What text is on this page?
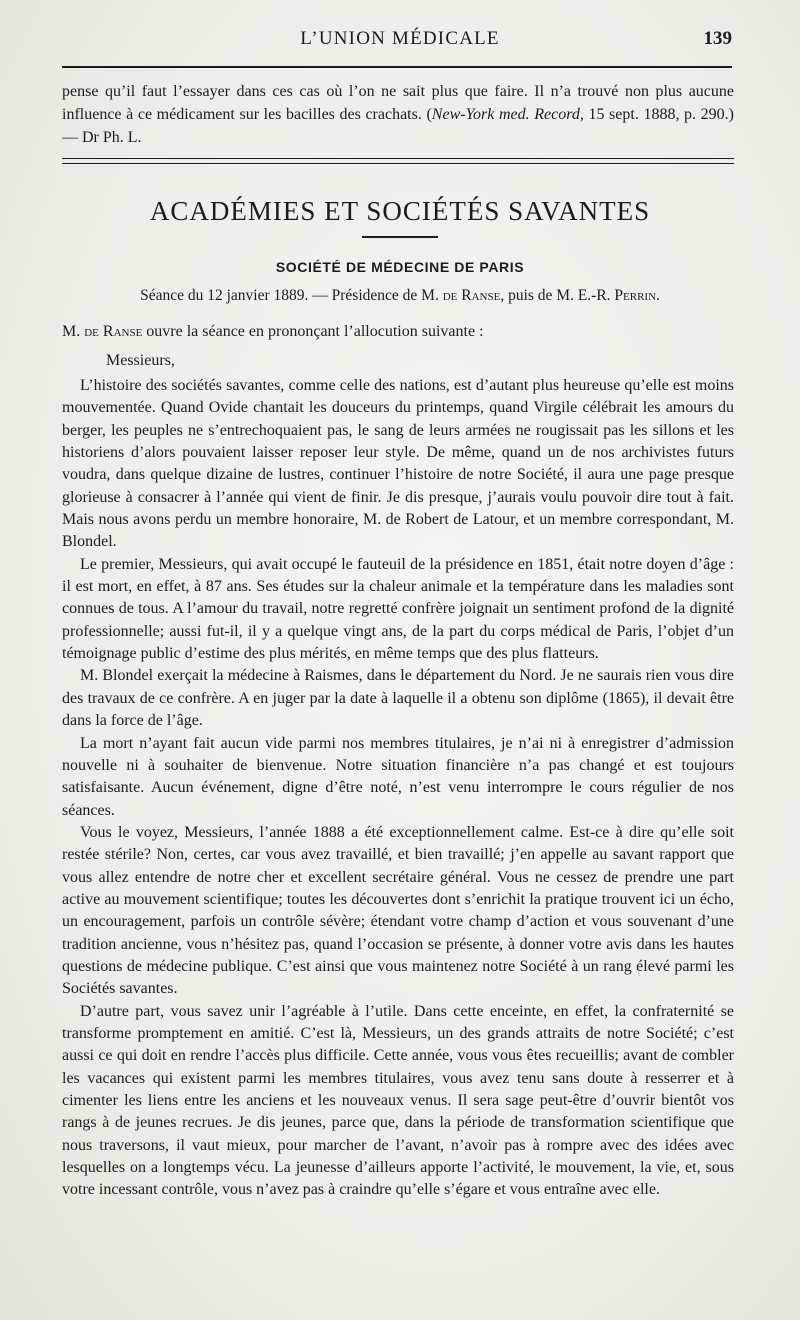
L’UNION MÉDICALE	139
pense qu’il faut l’essayer dans ces cas où l’on ne sait plus que faire. Il n’a trouvé non plus aucune influence à ce médicament sur les bacilles des crachats. (New-York med. Record, 15 sept. 1888, p. 290.) — Dr Ph. L.
ACADÉMIES ET SOCIÉTÉS SAVANTES
SOCIÉTÉ DE MÉDECINE DE PARIS
Séance du 12 janvier 1889. — Présidence de M. de Ranse, puis de M. E.-R. Perrin.
M. de Ranse ouvre la séance en prononçant l’allocution suivante :
Messieurs,

L’histoire des sociétés savantes, comme celle des nations, est d’autant plus heureuse qu’elle est moins mouvementée. Quand Ovide chantait les douceurs du printemps, quand Virgile célébrait les amours du berger, les peuples ne s’entrechoquaient pas, le sang de leurs armées ne rougissait pas les sillons et les historiens d’alors pouvaient laisser reposer leur style. De même, quand un de nos archivistes futurs voudra, dans quelque dizaine de lustres, continuer l’histoire de notre Société, il aura une page presque glorieuse à consacrer à l’année qui vient de finir. Je dis presque, j’aurais voulu pouvoir dire tout à fait. Mais nous avons perdu un membre honoraire, M. de Robert de Latour, et un membre correspondant, M. Blondel.

Le premier, Messieurs, qui avait occupé le fauteuil de la présidence en 1851, était notre doyen d’âge : il est mort, en effet, à 87 ans. Ses études sur la chaleur animale et la température dans les maladies sont connues de tous. A l’amour du travail, notre regretté confrère joignait un sentiment profond de la dignité professionnelle; aussi fut-il, il y a quelque vingt ans, de la part du corps médical de Paris, l’objet d’un témoignage public d’estime des plus mérités, en même temps que des plus flatteurs.

M. Blondel exerçait la médecine à Raismes, dans le département du Nord. Je ne saurais rien vous dire des travaux de ce confrère. A en juger par la date à laquelle il a obtenu son diplôme (1865), il devait être dans la force de l’âge.

La mort n’ayant fait aucun vide parmi nos membres titulaires, je n’ai ni à enregistrer d’admission nouvelle ni à souhaiter de bienvenue. Notre situation financière n’a pas changé et est toujours satisfaisante. Aucun événement, digne d’être noté, n’est venu interrompre le cours régulier de nos séances.

Vous le voyez, Messieurs, l’année 1888 a été exceptionnellement calme. Est-ce à dire qu’elle soit restée stérile? Non, certes, car vous avez travaillé, et bien travaillé; j’en appelle au savant rapport que vous allez entendre de notre cher et excellent secrétaire général. Vous ne cessez de prendre une part active au mouvement scientifique; toutes les découvertes dont s’enrichit la pratique trouvent ici un écho, un encouragement, parfois un contrôle sévère; étendant votre champ d’action et vous souvenant d’une tradition ancienne, vous n’hésitez pas, quand l’occasion se présente, à donner votre avis dans les hautes questions de médecine publique. C’est ainsi que vous maintenez notre Société à un rang élevé parmi les Sociétés savantes.

D’autre part, vous savez unir l’agréable à l’utile. Dans cette enceinte, en effet, la confraternité se transforme promptement en amitié. C’est là, Messieurs, un des grands attraits de notre Société; c’est aussi ce qui doit en rendre l’accès plus difficile. Cette année, vous vous êtes recueillis; avant de combler les vacances qui existent parmi les membres titulaires, vous avez tenu sans doute à resserrer et à cimenter les liens entre les anciens et les nouveaux venus. Il sera sage peut-être d’ouvrir bientôt vos rangs à de jeunes recrues. Je dis jeunes, parce que, dans la période de transformation scientifique que nous traversons, il vaut mieux, pour marcher de l’avant, n’avoir pas à rompre avec des idées avec lesquelles on a longtemps vécu. La jeunesse d’ailleurs apporte l’activité, le mouvement, la vie, et, sous votre incessant contrôle, vous n’avez pas à craindre qu’elle s’égare et vous entraîne avec elle.
